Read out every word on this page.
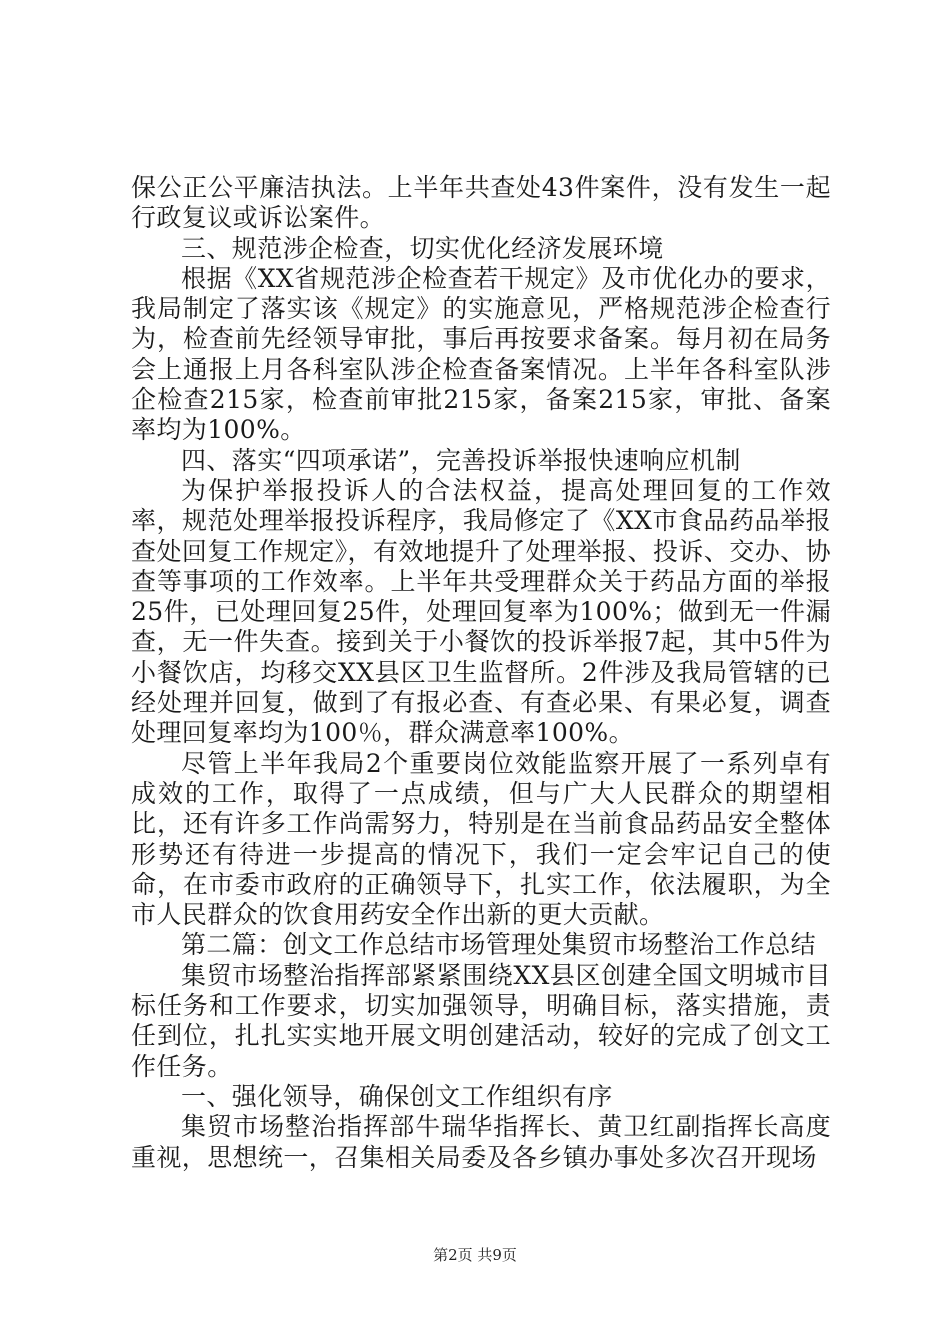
保公正公平廉洁执法。上半年共查处43件案件，没有发生一起行政复议或诉讼案件。

三、规范涉企检查，切实优化经济发展环境

根据《XX省规范涉企检查若干规定》及市优化办的要求，我局制定了落实该《规定》的实施意见，严格规范涉企检查行为，检查前先经领导审批，事后再按要求备案。每月初在局务会上通报上月各科室队涉企检查备案情况。上半年各科室队涉企检查215家，检查前审批215家，备案215家，审批、备案率均为100%。

四、落实“四项承诺”，完善投诉举报快速响应机制

为保护举报投诉人的合法权益，提高处理回复的工作效率，规范处理举报投诉程序，我局修定了《XX市食品药品举报查处回复工作规定》，有效地提升了处理举报、投诉、交办、协查等事项的工作效率。上半年共受理群众关于药品方面的举报25件，已处理回复25件，处理回复率为100%；做到无一件漏查，无一件失查。接到关于小餐饮的投诉举报7起，其中5件为小餐饮店，均移交XX县区卫生监督所。2件涉及我局管辖的已经处理并回复，做到了有报必查、有查必果、有果必复，调查处理回复率均为100％，群众满意率100%。

尽管上半年我局2个重要岗位效能监察开展了一系列卓有成效的工作，取得了一点成绩，但与广大人民群众的期望相比，还有许多工作尚需努力，特别是在当前食品药品安全整体形势还有待进一步提高的情况下，我们一定会牢记自己的使命，在市委市政府的正确领导下，扎实工作，依法履职，为全市人民群众的饮食用药安全作出新的更大贡献。

第二篇：创文工作总结市场管理处集贸市场整治工作总结

集贸市场整治指挥部紧紧围绕XX县区创建全国文明城市目标任务和工作要求，切实加强领导，明确目标，落实措施，责任到位，扎扎实实地开展文明创建活动，较好的完成了创文工作任务。

一、强化领导，确保创文工作组织有序

集贸市场整治指挥部牛瑞华指挥长、黄卫红副指挥长高度重视，思想统一，召集相关局委及各乡镇办事处多次召开现场

第2页 共9页
